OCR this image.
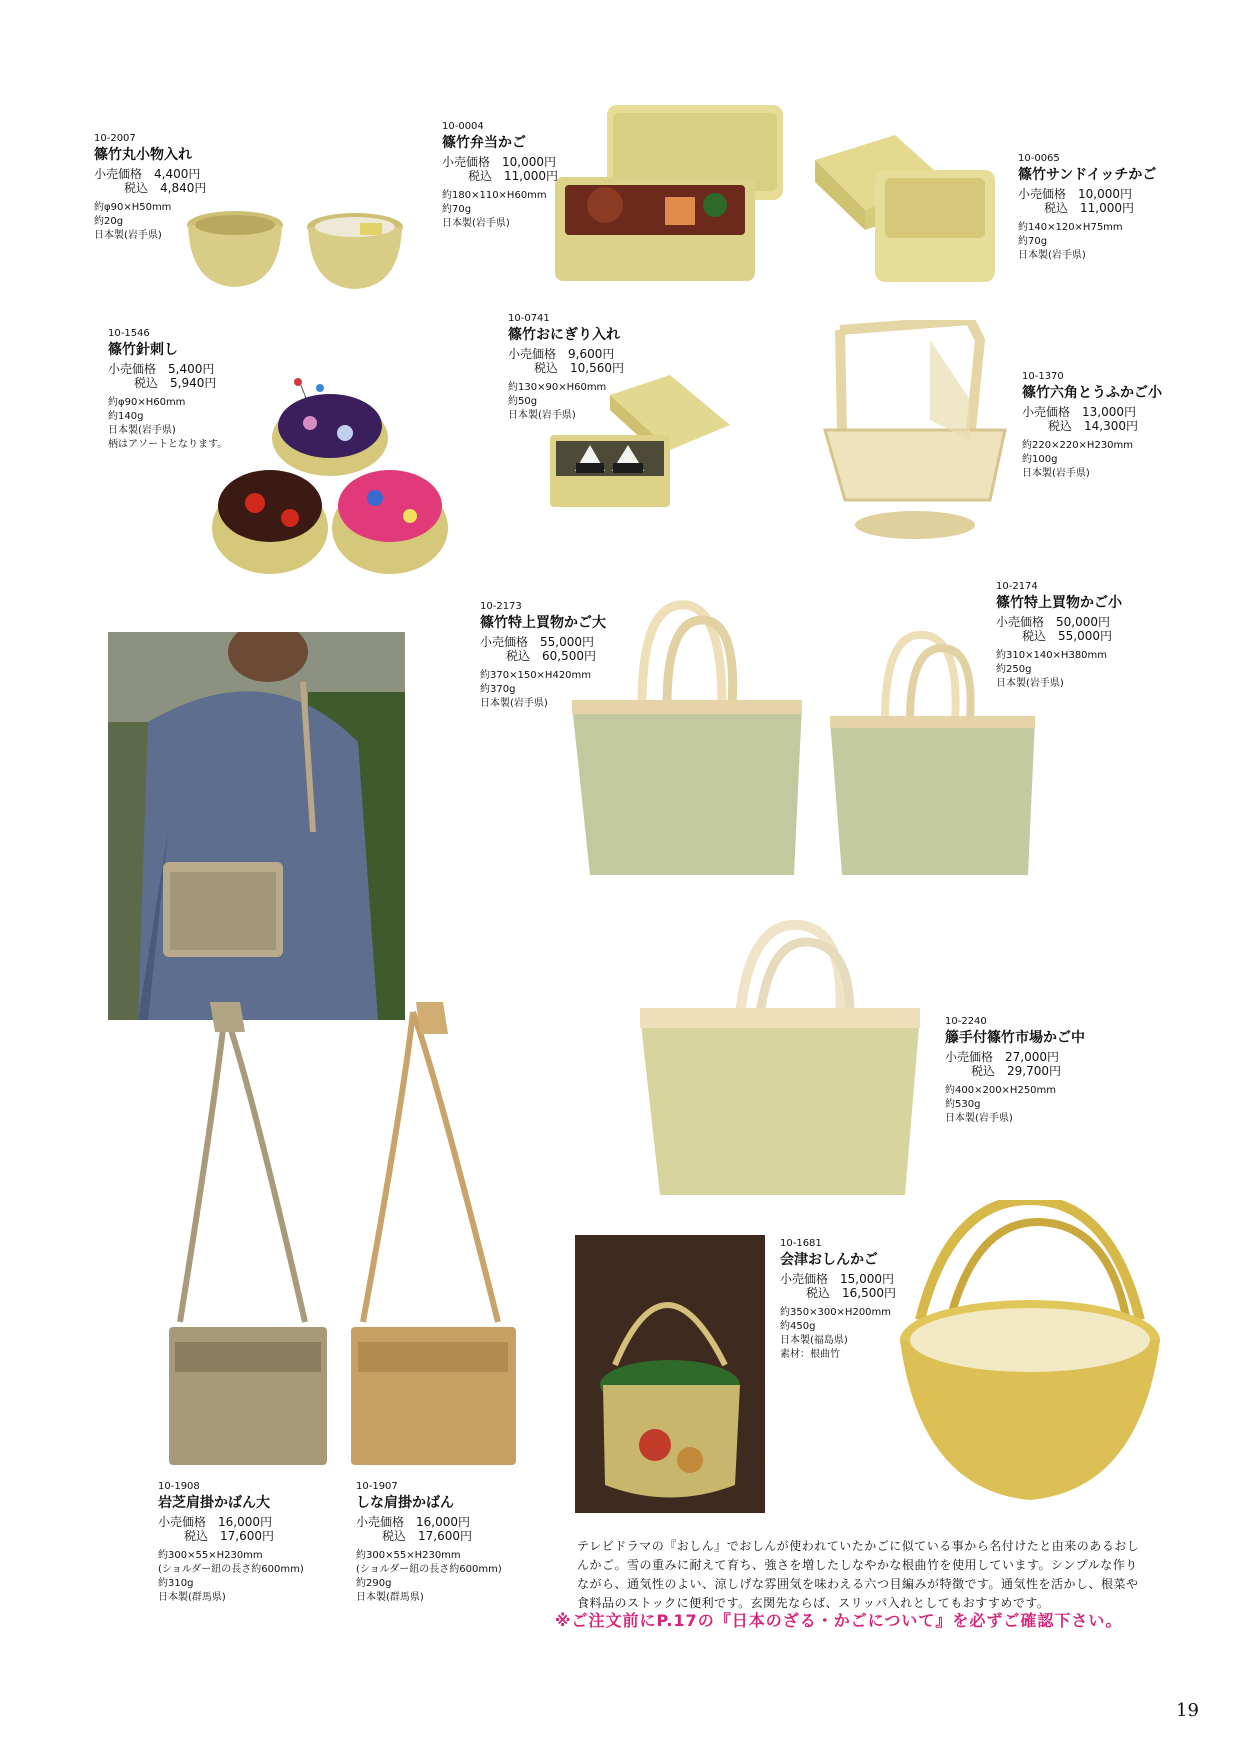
10-2007
篠竹丸小物入れ
小売価格　4,400円
税込　4,840円
約φ90×H50mm
約20g
日本製(岩手県)
10-0004
篠竹弁当かご
小売価格　10,000円
税込　11,000円
約180×110×H60mm
約70g
日本製(岩手県)
10-0065
篠竹サンドイッチかご
小売価格　10,000円
税込　11,000円
約140×120×H75mm
約70g
日本製(岩手県)
10-1546
篠竹針刺し
小売価格　5,400円
税込　5,940円
約φ90×H60mm
約140g
日本製(岩手県)
柄はアソートとなります。
10-0741
篠竹おにぎり入れ
小売価格　9,600円
税込　10,560円
約130×90×H60mm
約50g
日本製(岩手県)
10-1370
篠竹六角とうふかご小
小売価格　13,000円
税込　14,300円
約220×220×H230mm
約100g
日本製(岩手県)
10-2173
篠竹特上買物かご大
小売価格　55,000円
税込　60,500円
約370×150×H420mm
約370g
日本製(岩手県)
10-2174
篠竹特上買物かご小
小売価格　50,000円
税込　55,000円
約310×140×H380mm
約250g
日本製(岩手県)
10-2240
籐手付篠竹市場かご中
小売価格　27,000円
税込　29,700円
約400×200×H250mm
約530g
日本製(岩手県)
10-1681
会津おしんかご
小売価格　15,000円
税込　16,500円
約350×300×H200mm
約450g
日本製(福島県)
素材：根曲竹
10-1908
岩芝肩掛かばん大
小売価格　16,000円
税込　17,600円
約300×55×H230mm
(ショルダー紐の長さ約600mm)
約310g
日本製(群馬県)
10-1907
しな肩掛かばん
小売価格　16,000円
税込　17,600円
約300×55×H230mm
(ショルダー紐の長さ約600mm)
約290g
日本製(群馬県)
テレビドラマの『おしん』でおしんが使われていたかごに似ている事から名付けたと由来のあるおしんかご。雪の重みに耐えて育ち、強さを増したしなやかな根曲竹を使用しています。シンプルな作りながら、通気性のよい、涼しげな雰囲気を味わえる六つ目編みが特徴です。通気性を活かし、根菜や食料品のストックに便利です。玄関先ならば、スリッパ入れとしてもおすすめです。
※ご注文前にP.17の『日本のざる・かごについて』を必ずご確認下さい。
19
